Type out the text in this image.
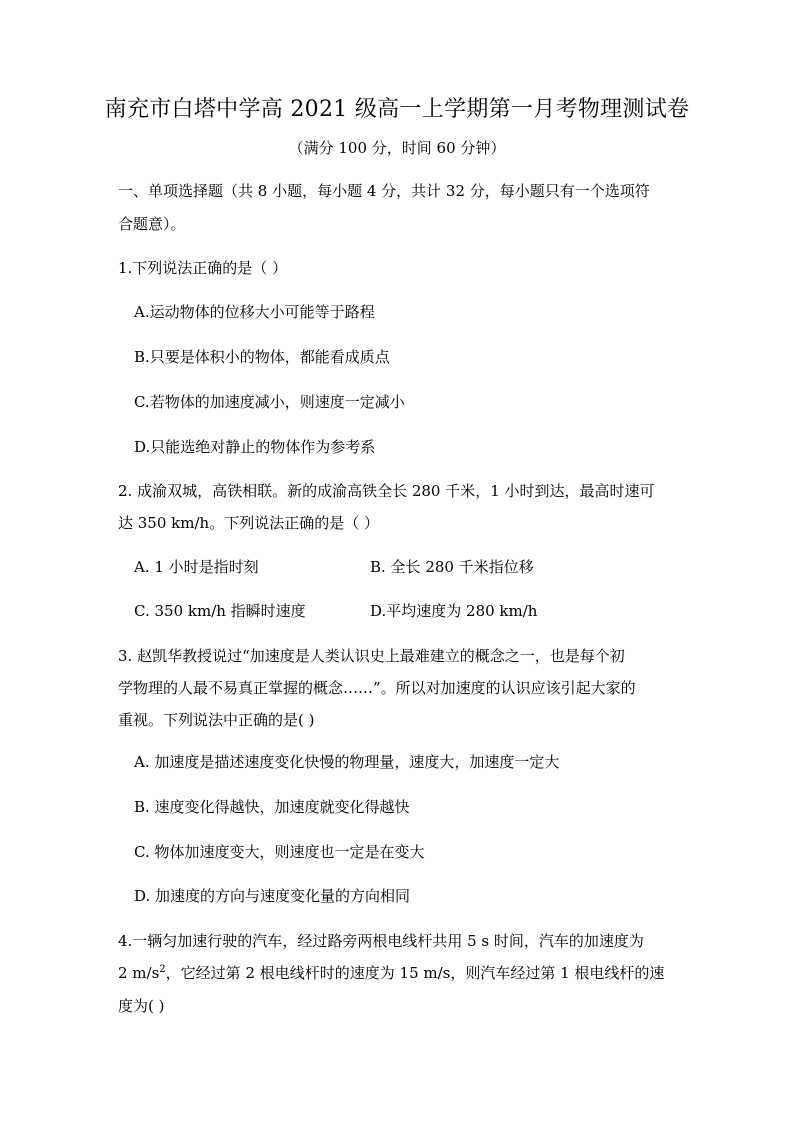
南充市白塔中学高 2021 级高一上学期第一月考物理测试卷
（满分 100 分，时间 60 分钟）
一、单项选择题（共 8 小题，每小题 4 分，共计 32 分，每小题只有一个选项符
合题意）。
1.下列说法正确的是（ ）
A.运动物体的位移大小可能等于路程
B.只要是体积小的物体，都能看成质点
C.若物体的加速度减小，则速度一定减小
D.只能选绝对静止的物体作为参考系
2. 成渝双城，高铁相联。新的成渝高铁全长 280 千米，1 小时到达，最高时速可
达 350 km/h。下列说法正确的是（ ）
A. 1 小时是指时刻	B. 全长 280 千米指位移
C. 350 km/h 指瞬时速度	D.平均速度为 280 km/h
3. 赵凯华教授说过“加速度是人类认识史上最难建立的概念之一，也是每个初
学物理的人最不易真正掌握的概念……”。所以对加速度的认识应该引起大家的
重视。下列说法中正确的是( )
A. 加速度是描述速度变化快慢的物理量，速度大，加速度一定大
B. 速度变化得越快，加速度就变化得越快
C. 物体加速度变大，则速度也一定是在变大
D. 加速度的方向与速度变化量的方向相同
4.一辆匀加速行驶的汽车，经过路旁两根电线杆共用 5 s 时间，汽车的加速度为
2 $m/s^2$，它经过第 2 根电线杆时的速度为 15 m/s，则汽车经过第 1 根电线杆的速
度为( )
